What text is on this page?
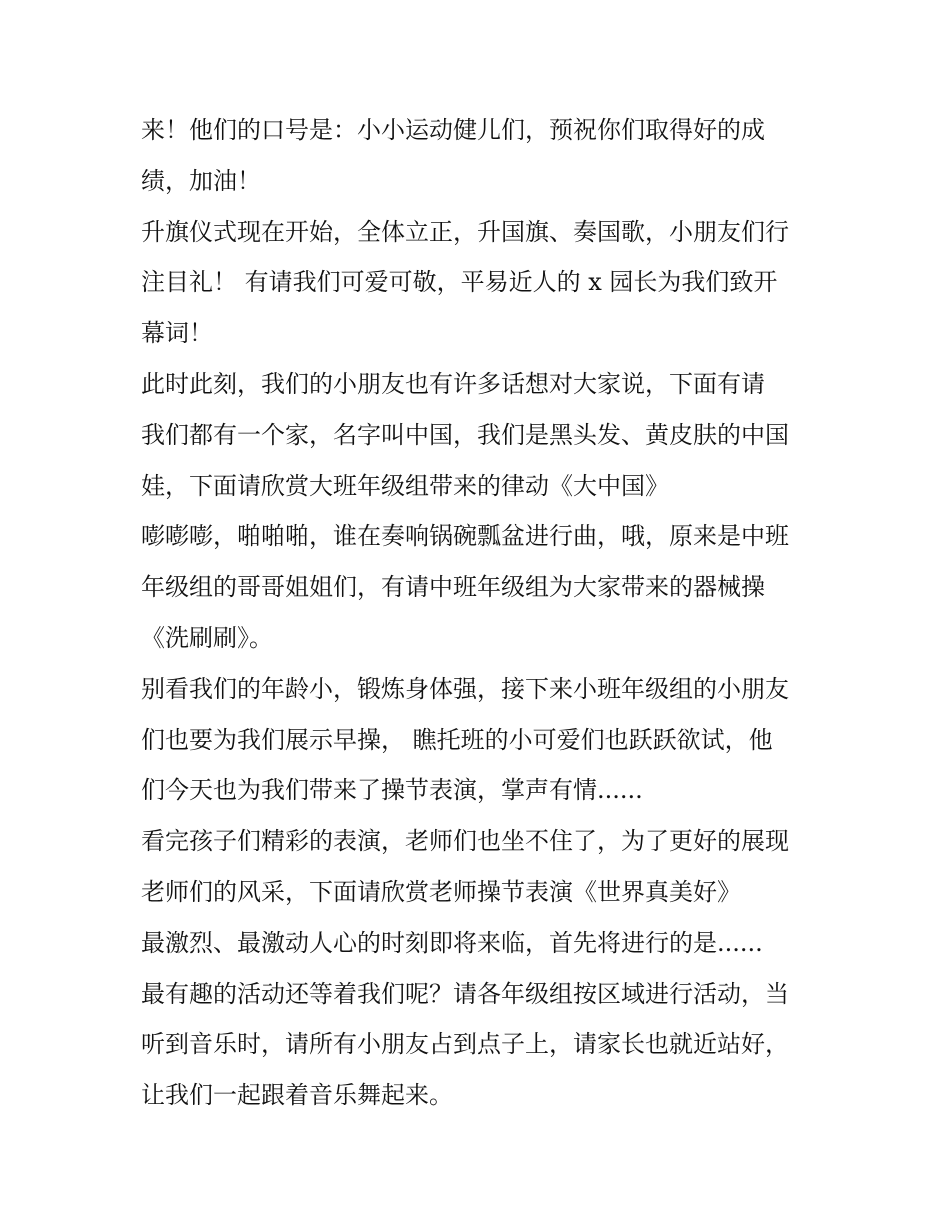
来！他们的口号是：小小运动健儿们，预祝你们取得好的成
绩，加油！
升旗仪式现在开始，全体立正，升国旗、奏国歌，小朋友们行
注目礼！ 有请我们可爱可敬，平易近人的 x 园长为我们致开
幕词！
此时此刻，我们的小朋友也有许多话想对大家说，下面有请
我们都有一个家，名字叫中国，我们是黑头发、黄皮肤的中国
娃，下面请欣赏大班年级组带来的律动《大中国》
嘭嘭嘭，啪啪啪，谁在奏响锅碗瓢盆进行曲，哦，原来是中班
年级组的哥哥姐姐们，有请中班年级组为大家带来的器械操
《洗刷刷》。
别看我们的年龄小，锻炼身体强，接下来小班年级组的小朋友
们也要为我们展示早操， 瞧托班的小可爱们也跃跃欲试，他
们今天也为我们带来了操节表演，掌声有情......
看完孩子们精彩的表演，老师们也坐不住了，为了更好的展现
老师们的风采，下面请欣赏老师操节表演《世界真美好》
最激烈、最激动人心的时刻即将来临，首先将进行的是......
最有趣的活动还等着我们呢？请各年级组按区域进行活动，当
听到音乐时，请所有小朋友占到点子上，请家长也就近站好，
让我们一起跟着音乐舞起来。
